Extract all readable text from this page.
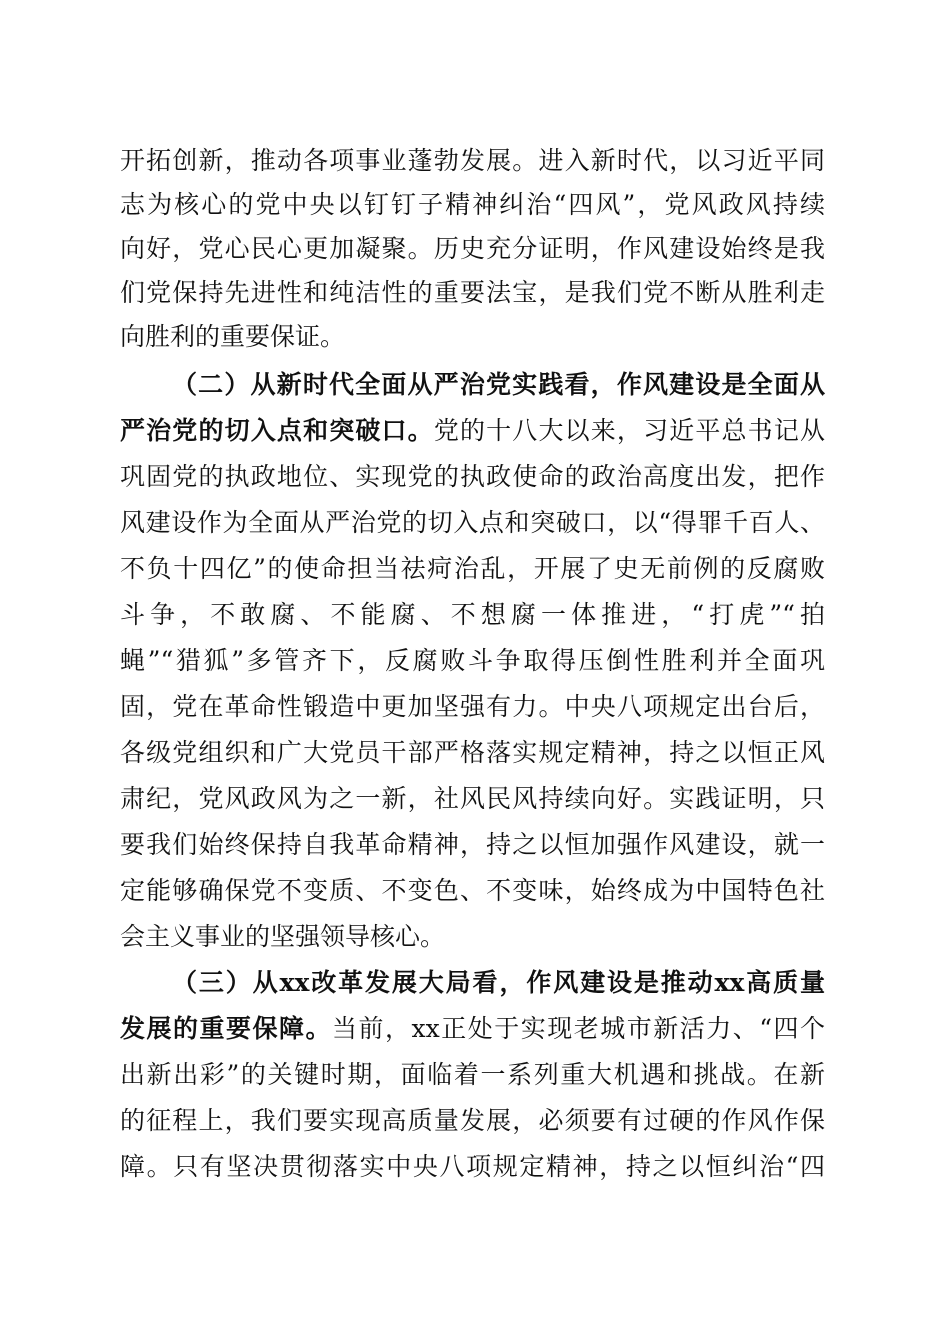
开拓创新，推动各项事业蓬勃发展。进入新时代，以习近平同
志为核心的党中央以钉钉子精神纠治“四风”，党风政风持续
向好，党心民心更加凝聚。历史充分证明，作风建设始终是我
们党保持先进性和纯洁性的重要法宝，是我们党不断从胜利走
向胜利的重要保证。
（二）从新时代全面从严治党实践看，作风建设是全面从
严治党的切入点和突破口。党的十八大以来，习近平总书记从
巩固党的执政地位、实现党的执政使命的政治高度出发，把作
风建设作为全面从严治党的切入点和突破口，以“得罪千百人、
不负十四亿”的使命担当祛疴治乱，开展了史无前例的反腐败
斗争，不敢腐、不能腐、不想腐一体推进，“打虎”“拍
蝇”“猎狐”多管齐下，反腐败斗争取得压倒性胜利并全面巩
固，党在革命性锻造中更加坚强有力。中央八项规定出台后，
各级党组织和广大党员干部严格落实规定精神，持之以恒正风
肃纪，党风政风为之一新，社风民风持续向好。实践证明，只
要我们始终保持自我革命精神，持之以恒加强作风建设，就一
定能够确保党不变质、不变色、不变味，始终成为中国特色社
会主义事业的坚强领导核心。
（三）从xx改革发展大局看，作风建设是推动xx高质量
发展的重要保障。当前，xx正处于实现老城市新活力、“四个
出新出彩”的关键时期，面临着一系列重大机遇和挑战。在新
的征程上，我们要实现高质量发展，必须要有过硬的作风作保
障。只有坚决贯彻落实中央八项规定精神，持之以恒纠治“四
